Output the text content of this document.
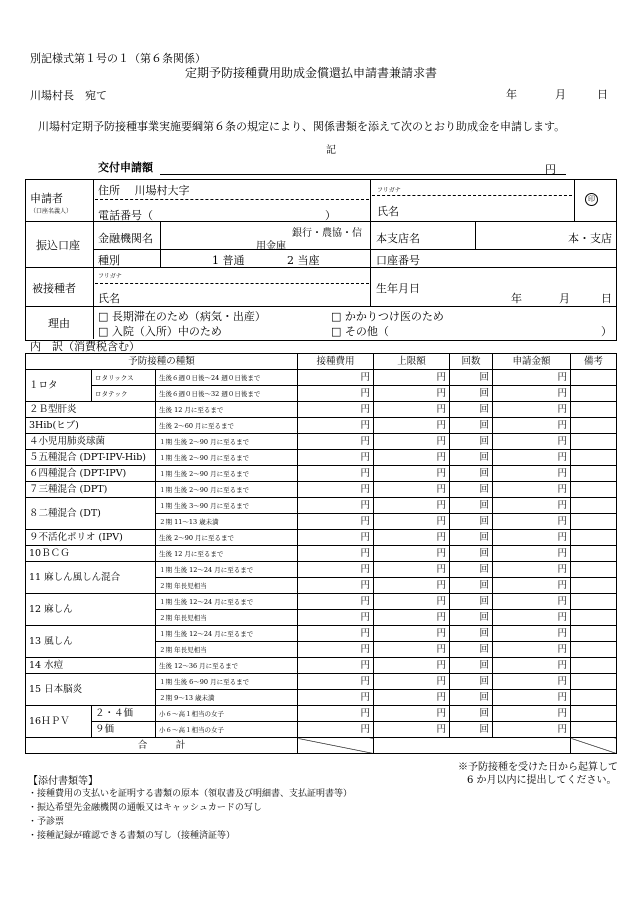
別記様式第１号の１（第６条関係）
定期予防接種費用助成金償還払申請書兼請求書
川場村長　宛て	年	月	日
川場村定期予防接種事業実施要綱第６条の規定により、関係書類を添えて次のとおり助成金を申請します。
記
交付申請額	円
申請者
（口座名義人）
住所　 川場村大字
電話番号（	）
フリガナ
氏名
印
振込口座
金融機関名	銀行・農協・信
用金庫
本支店名	本・支店
種別	1 普通	2 当座	口座番号
被接種者
フリガナ
氏名
生年月日
年	月	日
理由
□ 長期滞在のため（病気・出産）	□ かかりつけ医のため
□ 入院（入所）中のため	□ その他（	）
内　訳（消費税含む）
予防接種の種類			接種費用	上限額	回数	申請金額	備考
１ロタ	ロタリックス	生後６週０日後～24 週０日後まで	円	円	回	円	
	ロタテック	生後６週０日後～32 週０日後まで	円	円	回	円	
２Ｂ型肝炎		生後 12 月に至るまで	円	円	回	円	
3Hib(ヒブ)		生後 2～60 月に至るまで	円	円	回	円	
４小児用肺炎球菌		１期 生後 2～90 月に至るまで	円	円	回	円	
５五種混合 (DPT-IPV-Hib)		１期 生後 2～90 月に至るまで	円	円	回	円	
６四種混合 (DPT-IPV)		１期 生後 2～90 月に至るまで	円	円	回	円	
７三種混合 (DPT)		１期 生後 2～90 月に至るまで	円	円	回	円	
８二種混合 (DT)		１期 生後 3～90 月に至るまで	円	円	回	円	
		２期 11～13 歳未満	円	円	回	円	
９不活化ポリオ (IPV)		生後 2～90 月に至るまで	円	円	回	円	
10ＢＣＧ		生後 12 月に至るまで	円	円	回	円	
11 麻しん風しん混合		１期 生後 12～24 月に至るまで	円	円	回	円	
		２期 年長児相当	円	円	回	円	
12 麻しん		１期 生後 12～24 月に至るまで	円	円	回	円	
		２期 年長児相当	円	円	回	円	
13 風しん		１期 生後 12～24 月に至るまで	円	円	回	円	
		２期 年長児相当	円	円	回	円	
14 水痘		生後 12～36 月に至るまで	円	円	回	円	
15 日本脳炎		１期 生後 6～90 月に至るまで	円	円	回	円	
		２期 9～13 歳未満	円	円	回	円	
16ＨＰＶ	２・４価	小６～高１相当の女子	円	円	回	円	
	９価	小６～高１相当の女子	円	円	回	円	
合　　　計							
※予防接種を受けた日から起算して
6 か月以内に提出してください。
【添付書類等】
・接種費用の支払いを証明する書類の原本（領収書及び明細書、支払証明書等）
・振込希望先金融機関の通帳又はキャッシュカードの写し
・予診票
・接種記録が確認できる書類の写し（接種済証等）
